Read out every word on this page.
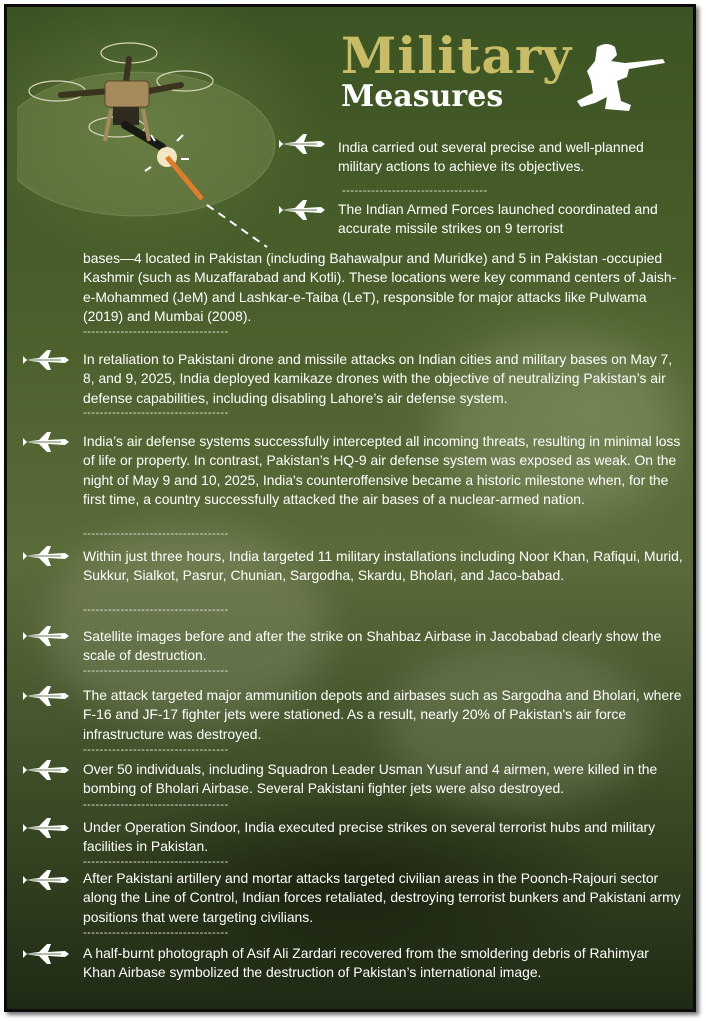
Military
Measures
India carried out several precise and well-planned military actions to achieve its objectives.
-----------------------------------
The Indian Armed Forces launched coordinated and accurate missile strikes on 9 terrorist
bases—4 located in Pakistan (including Bahawalpur and Muridke) and 5 in Pakistan -occupied Kashmir (such as Muzaffarabad and Kotli). These locations were key command centers of Jaish-e-Mohammed (JeM) and Lashkar-e-Taiba (LeT), responsible for major attacks like Pulwama (2019) and Mumbai (2008).
-----------------------------------
In retaliation to Pakistani drone and missile attacks on Indian cities and military bases on May 7, 8, and 9, 2025, India deployed kamikaze drones with the objective of neutralizing Pakistan’s air defense capabilities, including disabling Lahore’s air defense system.
-----------------------------------
India’s air defense systems successfully intercepted all incoming threats, resulting in minimal loss of life or property. In contrast, Pakistan’s HQ-9 air defense system was exposed as weak. On the night of May 9 and 10, 2025, India's counteroffensive became a historic milestone when, for the first time, a country successfully attacked the air bases of a nuclear-armed nation.
-----------------------------------
Within just three hours, India targeted 11 military installations including Noor Khan, Rafiqui, Murid, Sukkur, Sialkot, Pasrur, Chunian, Sargodha, Skardu, Bholari, and Jaco-babad.
-----------------------------------
Satellite images before and after the strike on Shahbaz Airbase in Jacobabad clearly show the scale of destruction.
-----------------------------------
The attack targeted major ammunition depots and airbases such as Sargodha and Bholari, where F-16 and JF-17 fighter jets were stationed. As a result, nearly 20% of Pakistan's air force infrastructure was destroyed.
-----------------------------------
Over 50 individuals, including Squadron Leader Usman Yusuf and 4 airmen, were killed in the bombing of Bholari Airbase. Several Pakistani fighter jets were also destroyed.
-----------------------------------
Under Operation Sindoor, India executed precise strikes on several terrorist hubs and military facilities in Pakistan.
-----------------------------------
After Pakistani artillery and mortar attacks targeted civilian areas in the Poonch-Rajouri sector along the Line of Control, Indian forces retaliated, destroying terrorist bunkers and Pakistani army positions that were targeting civilians.
-----------------------------------
A half-burnt photograph of Asif Ali Zardari recovered from the smoldering debris of Rahimyar Khan Airbase symbolized the destruction of Pakistan’s international image.
